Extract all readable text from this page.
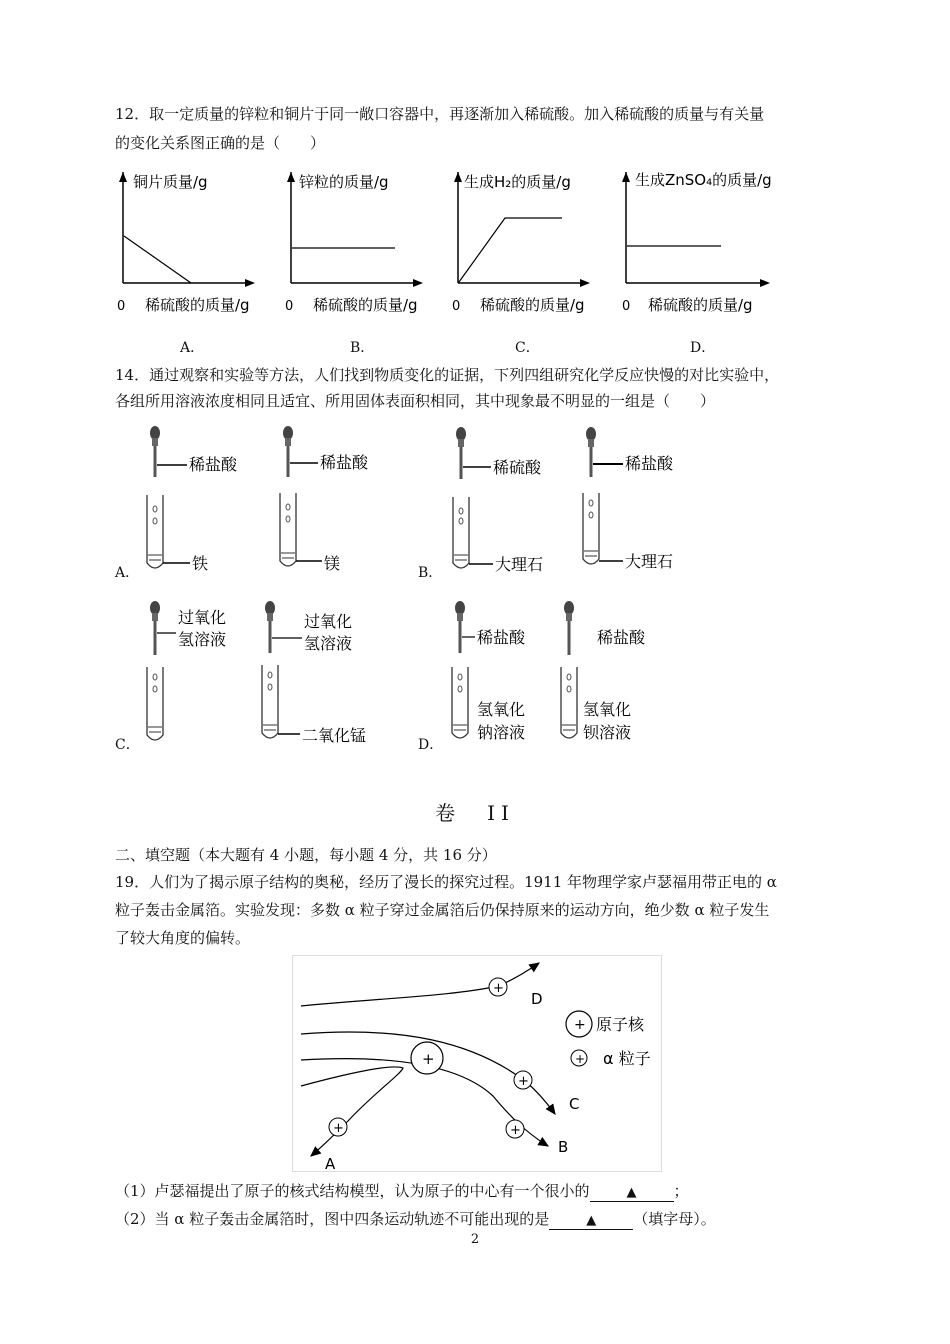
12．取一定质量的锌粒和铜片于同一敞口容器中，再逐渐加入稀硫酸。加入稀硫酸的质量与有关量
的变化关系图正确的是（　　）
铜片质量/g
0 稀硫酸的质量/g
A．
锌粒的质量/g
0 稀硫酸的质量/g
B．
生成H₂的质量/g
0 稀硫酸的质量/g
C．
生成ZnSO₄的质量/g
0 稀硫酸的质量/g
D．
14．通过观察和实验等方法，人们找到物质变化的证据，下列四组研究化学反应快慢的对比实验中，
各组所用溶液浓度相同且适宜、所用固体表面积相同，其中现象最不明显的一组是（　　）
A．
稀盐酸
铁
稀盐酸
镁	B．
稀硫酸
大理石
稀盐酸
大理石
C．
过氧化
氢溶液
过氧化
氢溶液
二氧化锰	D．
稀盐酸
氢氧化
钠溶液
稀盐酸
氢氧化
钡溶液
卷　II
二、填空题（本大题有 4 小题，每小题 4 分，共 16 分）
19．人们为了揭示原子结构的奥秘，经历了漫长的探究过程。1911 年物理学家卢瑟福用带正电的 α
粒子轰击金属箔。实验发现：多数 α 粒子穿过金属箔后仍保持原来的运动方向，绝少数 α 粒子发生
了较大角度的偏转。
+
+
+
+
+
D
C
B
A
+ 原子核
+ α 粒子
（1）卢瑟福提出了原子的核式结构模型，认为原子的中心有一个很小的	▲ ；
（2）当 α 粒子轰击金属箔时，图中四条运动轨迹不可能出现的是	▲ （填字母）。
2
